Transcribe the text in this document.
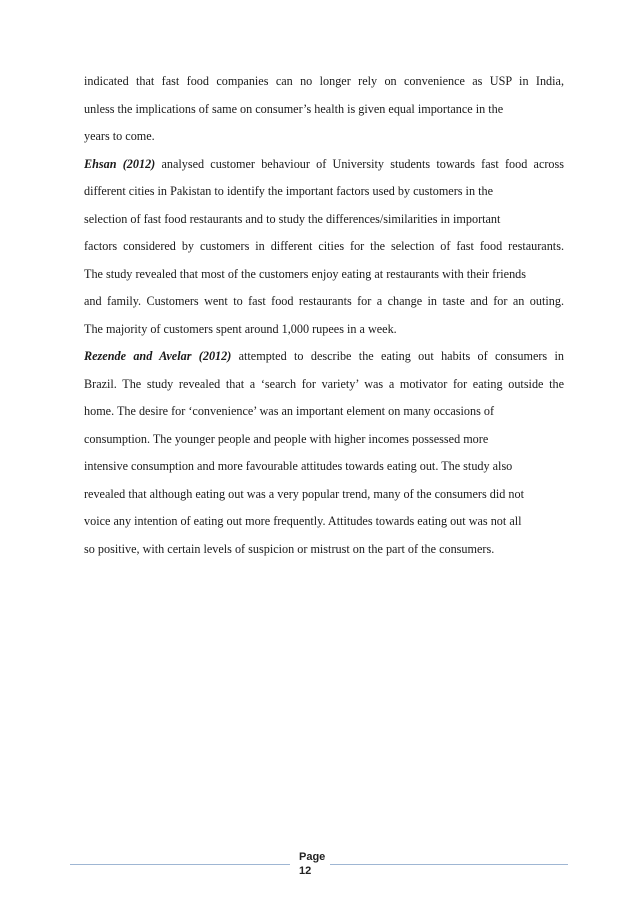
indicated that fast food companies can no longer rely on convenience as USP in India,
unless the implications of same on consumer’s health is given equal importance in the
years to come.
Ehsan (2012) analysed customer behaviour of University students towards fast food across
different cities in Pakistan to identify the important factors used by customers in the
selection of fast food restaurants and to study the differences/similarities in important
factors considered by customers in different cities for the selection of fast food restaurants.
The study revealed that most of the customers enjoy eating at restaurants with their friends
and family. Customers went to fast food restaurants for a change in taste and for an outing.
The majority of customers spent around 1,000 rupees in a week.
Rezende and Avelar (2012) attempted to describe the eating out habits of consumers in
Brazil. The study revealed that a ‘search for variety’ was a motivator for eating outside the
home. The desire for ‘convenience’ was an important element on many occasions of
consumption. The younger people and people with higher incomes possessed more
intensive consumption and more favourable attitudes towards eating out. The study also
revealed that although eating out was a very popular trend, many of the consumers did not
voice any intention of eating out more frequently. Attitudes towards eating out was not all
so positive, with certain levels of suspicion or mistrust on the part of the consumers.
Page
12
